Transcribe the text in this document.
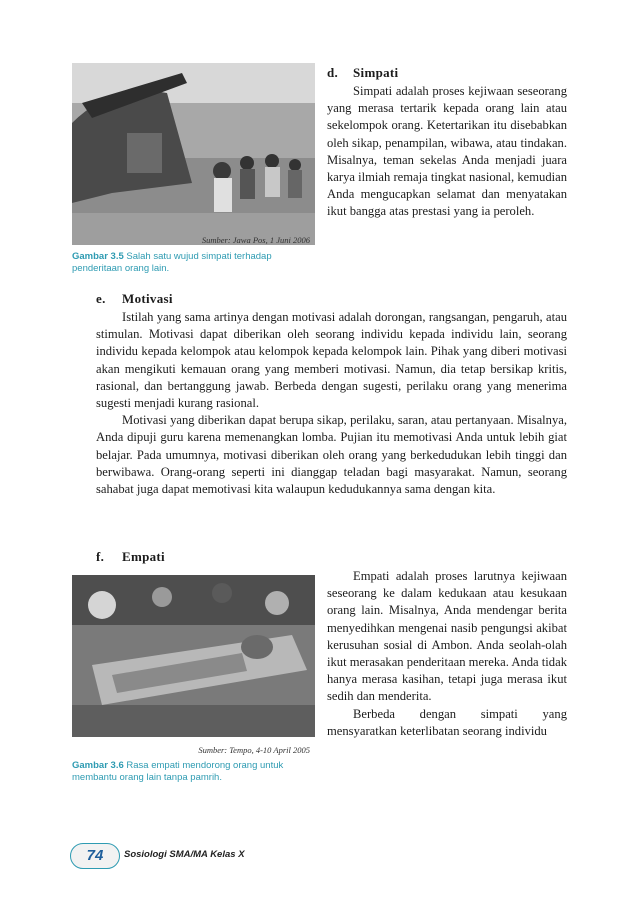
Sumber: Jawa Pos, 1 Juni 2006
Gambar 3.5 Salah satu wujud simpati terhadap penderitaan orang lain.
d. Simpati

Simpati adalah proses kejiwaan seseorang yang merasa tertarik kepada orang lain atau sekelompok orang. Ketertarikan itu disebabkan oleh sikap, penampilan, wibawa, atau tindakan. Misalnya, teman sekelas Anda menjadi juara karya ilmiah remaja tingkat nasional, kemudian Anda mengucapkan selamat dan menyatakan ikut bangga atas prestasi yang ia peroleh.

e. Motivasi

Istilah yang sama artinya dengan motivasi adalah dorongan, rangsangan, pengaruh, atau stimulan. Motivasi dapat diberikan oleh seorang individu kepada individu lain, seorang individu kepada kelompok atau kelompok kepada kelompok lain. Pihak yang diberi motivasi akan mengikuti kemauan orang yang memberi motivasi. Namun, dia tetap bersikap kritis, rasional, dan bertanggung jawab. Berbeda dengan sugesti, perilaku orang yang menerima sugesti menjadi kurang rasional.

Motivasi yang diberikan dapat berupa sikap, perilaku, saran, atau pertanyaan. Misalnya, Anda dipuji guru karena memenangkan lomba. Pujian itu memotivasi Anda untuk lebih giat belajar. Pada umumnya, motivasi diberikan oleh orang yang berkedudukan lebih tinggi dan berwibawa. Orang-orang seperti ini dianggap teladan bagi masyarakat. Namun, seorang sahabat juga dapat memotivasi kita walaupun kedudukannya sama dengan kita.

f. Empati
Sumber: Tempo, 4-10 April 2005
Gambar 3.6 Rasa empati mendorong orang untuk membantu orang lain tanpa pamrih.

Empati adalah proses larutnya kejiwaan seseorang ke dalam kedukaan atau kesukaan orang lain. Misalnya, Anda mendengar berita menyedihkan mengenai nasib pengungsi akibat kerusuhan sosial di Ambon. Anda seolah-olah ikut merasakan penderitaan mereka. Anda tidak hanya merasa kasihan, tetapi juga merasa ikut sedih dan menderita.

Berbeda dengan simpati yang mensyaratkan keterlibatan seorang individu

74	Sosiologi SMA/MA Kelas X
